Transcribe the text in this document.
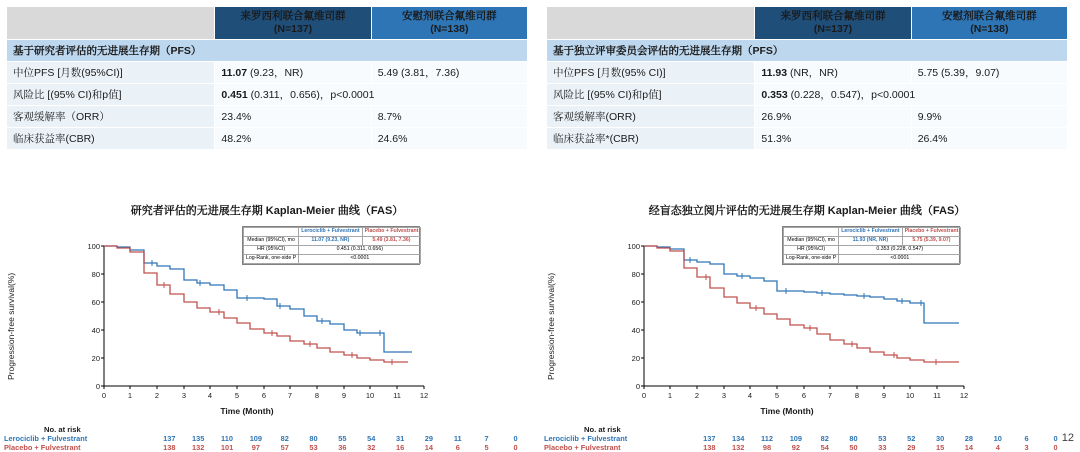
来罗西利联合氟维司群
(N=137)

安慰剂联合氟维司群
(N=138)

基于研究者评估的无进展生存期（PFS）		
中位PFS [月数(95%CI)]	11.07 (9.23，NR)	5.49 (3.81，7.36)
风险比 [(95% CI)和p值]	0.451 (0.311，0.656)，p<0.0001	
客观缓解率（ORR）	23.4%	8.7%
临床获益率(CBR)	48.2%	24.6%
研究者评估的无进展生存期 Kaplan-Meier 曲线（FAS）
Progression-free survival(%)
100
80
60
40
20
0
0	1	2	3	4	5	6	7	8	9	10	11	12
Time (Month)
	Lerociclib + Fulvestrant	Placebo + Fulvestrant
Median (95%CI), mo	11.07 (9.23, NR)	5.49 (3.81, 7.36)
HR (95%CI)	0.451 (0.311, 0.656)	
Log-Rank, one-side P	<0.0001	
No. at risk
Lerociclib + Fulvestrant	137	135	110	109	82	80	55	54	31	29	11	7	0
Placebo + Fulvestrant	138	132	101	97	57	53	36	32	16	14	6	5	0

来罗西利联合氟维司群
(N=137)

安慰剂联合氟维司群
(N=138)

基于独立评审委员会评估的无进展生存期（PFS）		
中位PFS [月数(95% CI)]	11.93 (NR，NR)	5.75 (5.39，9.07)
风险比 [(95% CI)和p值]	0.353 (0.228，0.547)，p<0.0001	
客观缓解率(ORR)	26.9%	9.9%
临床获益率*(CBR)	51.3%	26.4%
经盲态独立阅片评估的无进展生存期 Kaplan-Meier 曲线（FAS）
Progression-free survival(%)
100
80
60
40
20
0
0	1	2	3	4	5	6	7	8	9	10	11	12
Time (Month)
	Lerociclib + Fulvestrant	Placebo + Fulvestrant
Median (95%CI), mo	11.93 (NR, NR)	5.75 (5.39, 9.07)
HR (95%CI)	0.353 (0.228, 0.547)	
Log-Rank, one-side P	<0.0001	
No. at risk
Lerociclib + Fulvestrant	137	134	112	109	82	80	53	52	30	28	10	6	0
Placebo + Fulvestrant	138	132	98	92	54	50	33	29	15	14	4	3	0
12
